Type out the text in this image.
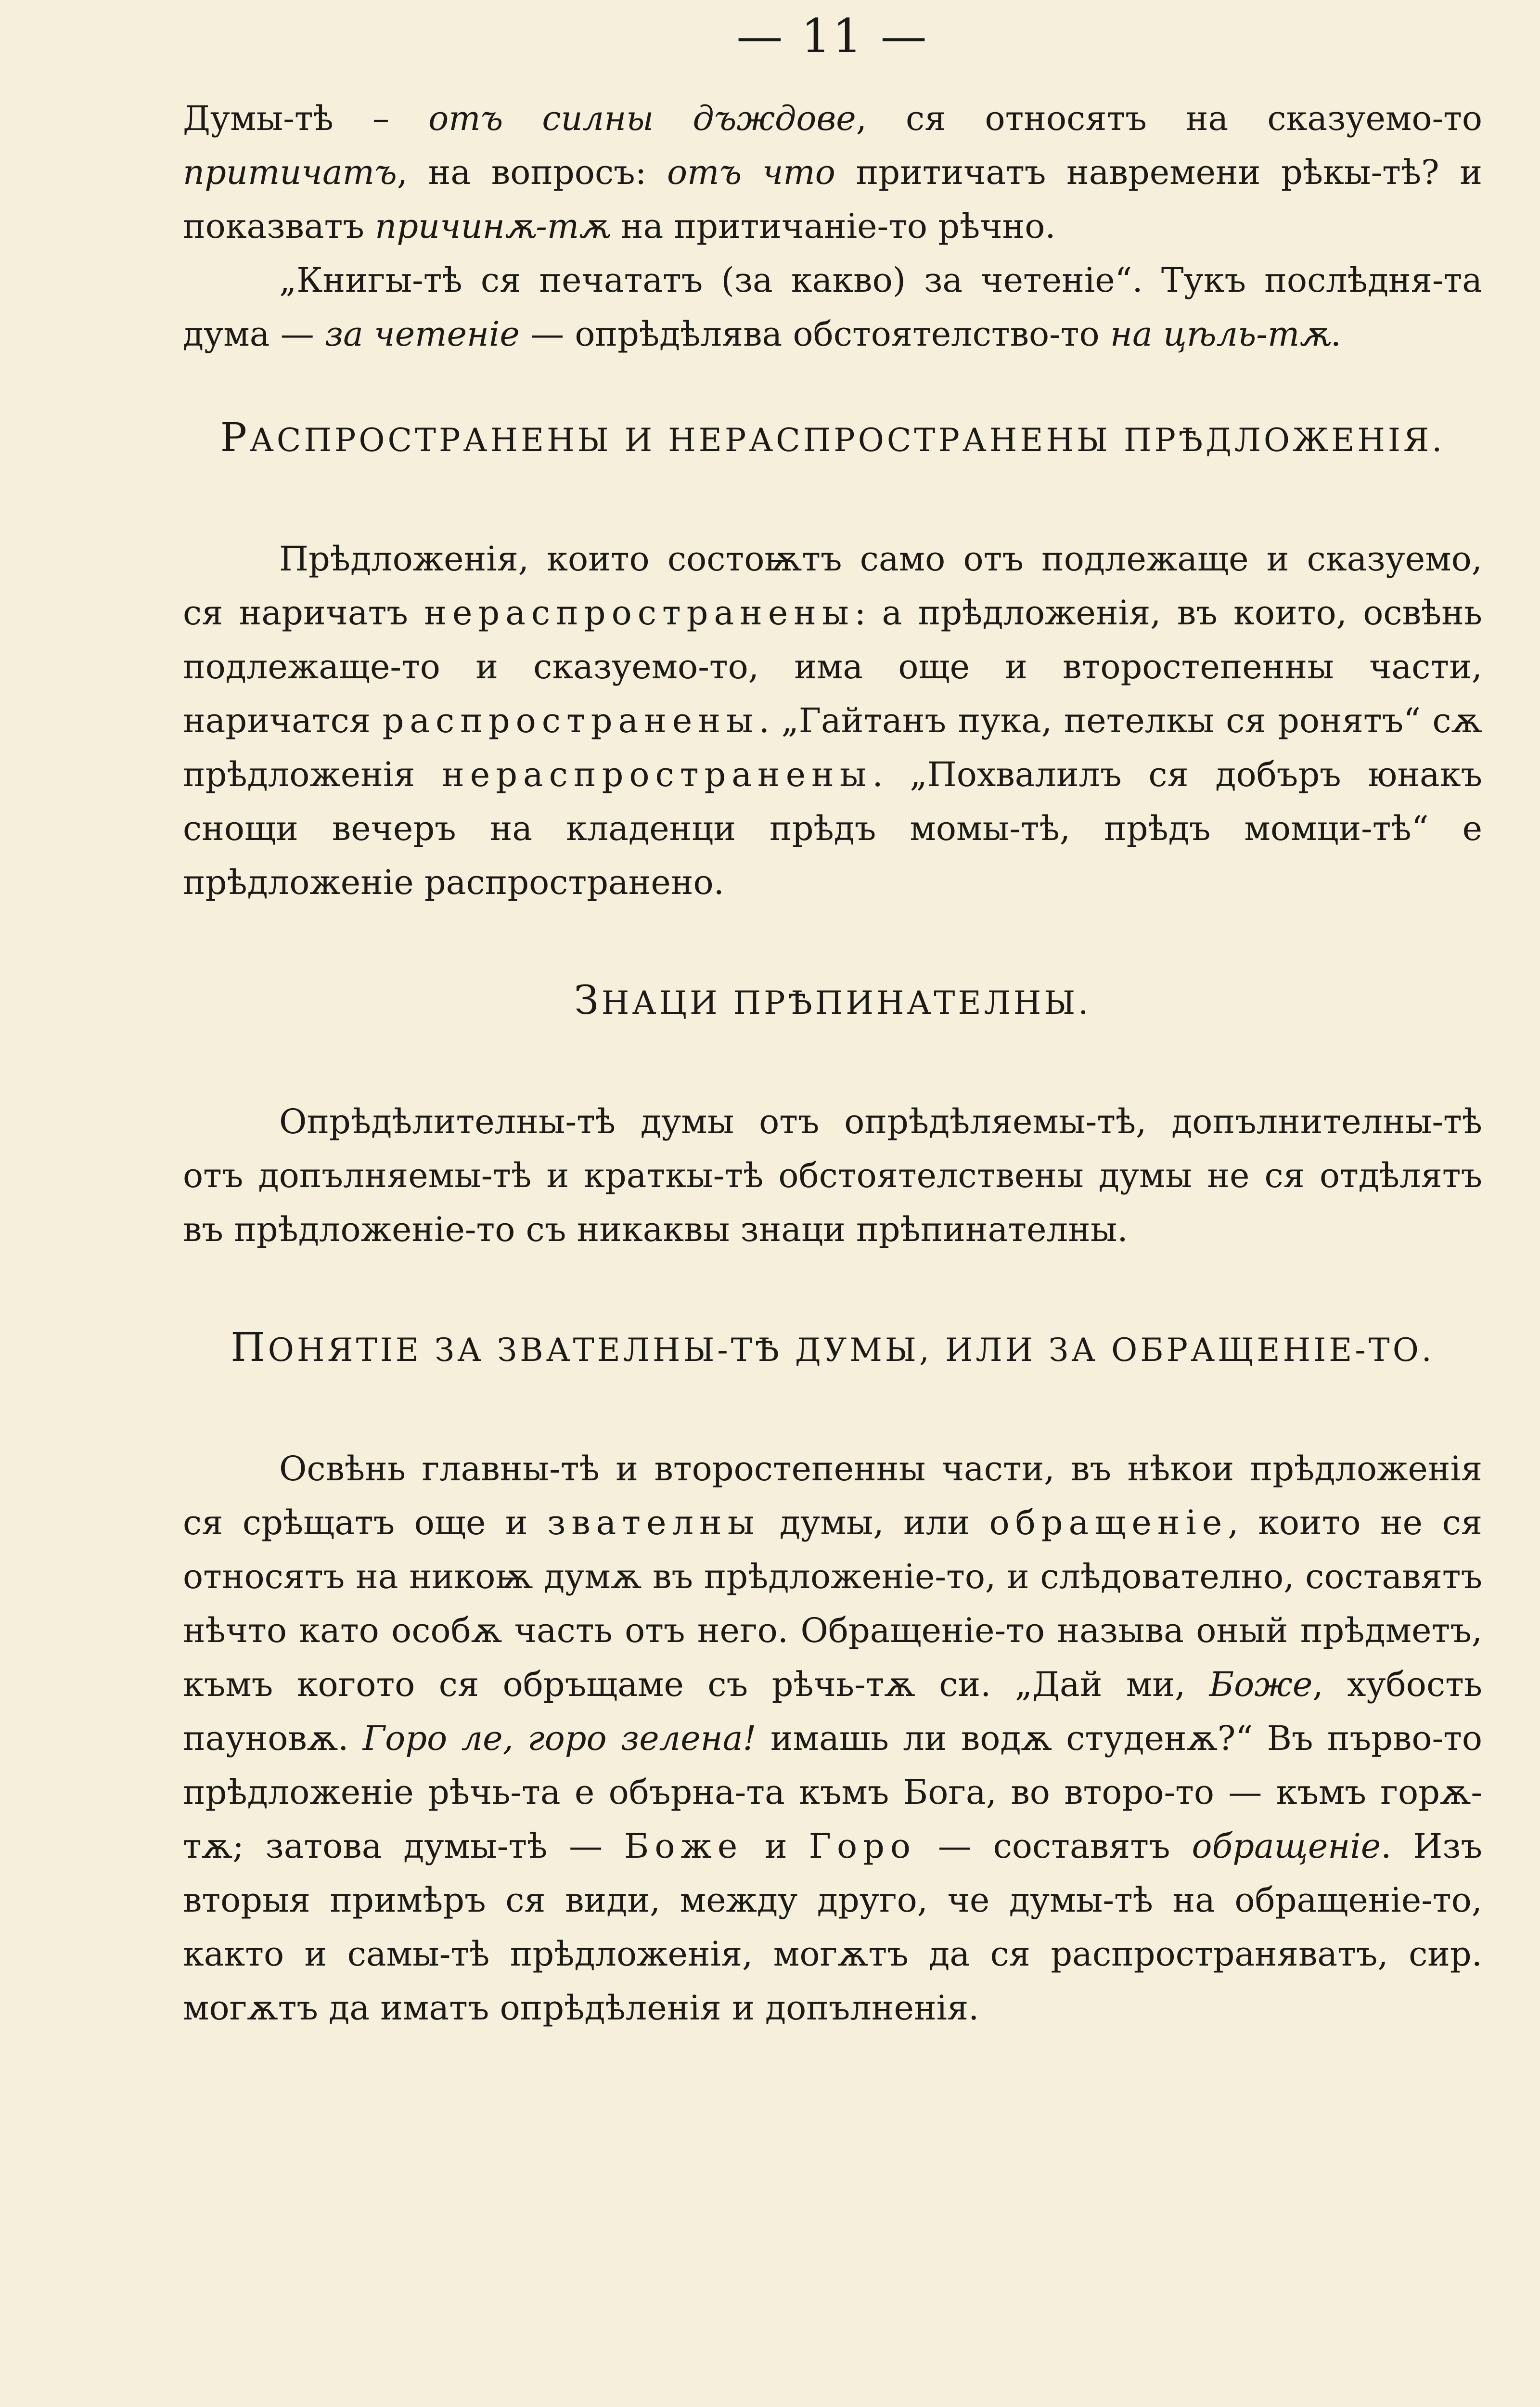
— 11 —

Думы-тѣ – отъ силны дъждове, ся относятъ на сказуемо-то притичатъ, на вопросъ: отъ что притичатъ навремени рѣкы-тѣ? и показватъ причинѫ-тѫ на притичаніе-то рѣчно.

„Книгы-тѣ ся печататъ (за какво) за четеніе“. Тукъ послѣдня-та дума — за четеніе — опрѣдѣлява обстоятелство-то на цѣль-тѫ.

РАСПРОСТРАНЕНЫ И НЕРАСПРОСТРАНЕНЫ ПРѢДЛОЖЕНІЯ.

Прѣдложенія, които состоѭтъ само отъ подлежаще и сказуемо, ся наричатъ нераспространены: а прѣдложенія, въ които, освѣнь подлежаще-то и сказуемо-то, има още и второстепенны части, наричатся распространены. „Гайтанъ пука, петелкы ся ронятъ“ сѫ прѣдложенія нераспространены. „Похвалилъ ся добъръ юнакъ снощи вечеръ на кладенци прѣдъ момы-тѣ, прѣдъ момци-тѣ“ е прѣдложеніе распространено.

ЗНАЦИ ПРѢПИНАТЕЛНЫ.

Опрѣдѣлителны-тѣ думы отъ опрѣдѣляемы-тѣ, допълнителны-тѣ отъ допълняемы-тѣ и краткы-тѣ обстоятелствены думы не ся отдѣлятъ въ прѣдложеніе-то съ никаквы знаци прѣпинателны.

ПОНЯТІЕ ЗА ЗВАТЕЛНЫ-ТѢ ДУМЫ, ИЛИ ЗА ОБРАЩЕНІЕ-ТО.

Освѣнь главны-тѣ и второстепенны части, въ нѣкои прѣдложенія ся срѣщатъ още и звателны думы, или обращеніе, които не ся относятъ на никоѭ думѫ въ прѣдложеніе-то, и слѣдователно, составятъ нѣчто като особѫ часть отъ него. Обращеніе-то называ оный прѣдметъ, къмъ когото ся обръщаме съ рѣчь-тѫ си. „Дай ми, Боже, хубость пауновѫ. Горо ле, горо зелена! имашь ли водѫ студенѫ?“ Въ първо-то прѣдложеніе рѣчь-та е обърна-та къмъ Бога, во второ-то — къмъ горѫ-тѫ; затова думы-тѣ — Боже и Горо — составятъ обращеніе. Изъ вторыя примѣръ ся види, между друго, че думы-тѣ на обращеніе-то, както и самы-тѣ прѣдложенія, могѫтъ да ся распространяватъ, сир. могѫтъ да иматъ опрѣдѣленія и допълненія.
